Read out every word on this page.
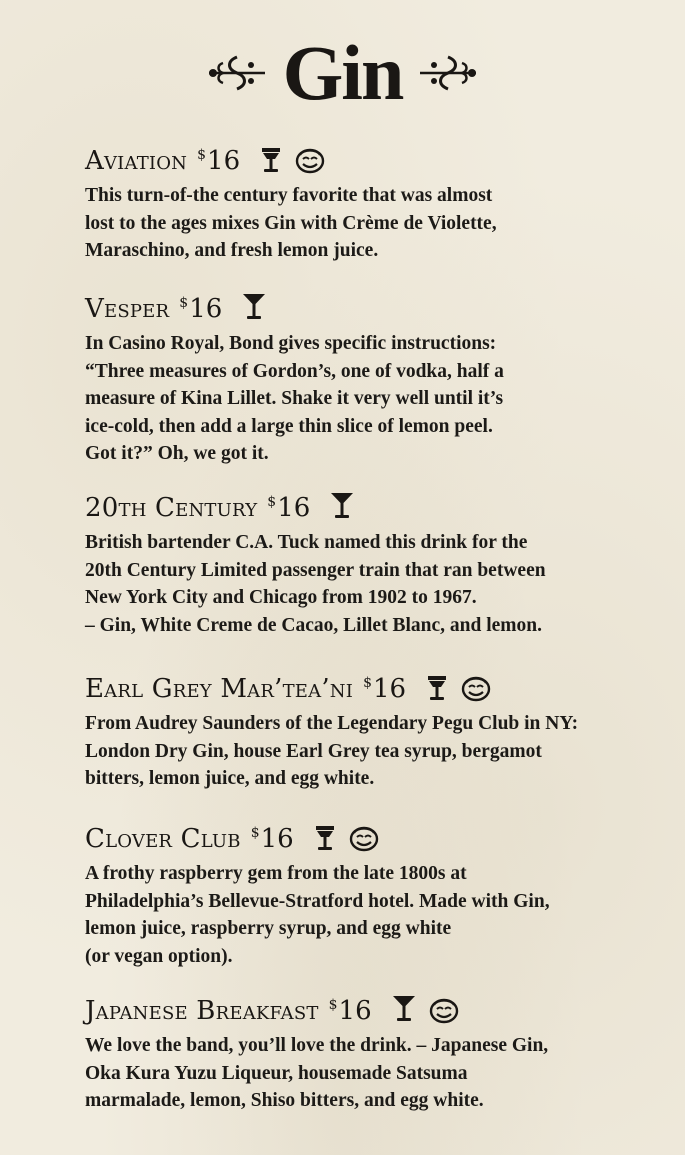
Gin
Aviation $16

This turn-of-the century favorite that was almost

lost to the ages mixes Gin with Crème de Violette,

Maraschino, and fresh lemon juice.

Vesper $16

In Casino Royal, Bond gives specific instructions:

“Three measures of Gordon’s, one of vodka, half a

measure of Kina Lillet. Shake it very well until it’s

ice-cold, then add a large thin slice of lemon peel.

Got it?” Oh, we got it.

20th Century $16

British bartender C.A. Tuck named this drink for the

20th Century Limited passenger train that ran between

New York City and Chicago from 1902 to 1967.

– Gin, White Creme de Cacao, Lillet Blanc, and lemon.

Earl Grey Mar’tea’ni $16

From Audrey Saunders of the Legendary Pegu Club in NY:

London Dry Gin, house Earl Grey tea syrup, bergamot

bitters, lemon juice, and egg white.

Clover Club $16

A frothy raspberry gem from the late 1800s at

Philadelphia’s Bellevue-Stratford hotel. Made with Gin,

lemon juice, raspberry syrup, and egg white

(or vegan option).

Japanese Breakfast $16

We love the band, you’ll love the drink. – Japanese Gin,

Oka Kura Yuzu Liqueur, housemade Satsuma

marmalade, lemon, Shiso bitters, and egg white.
